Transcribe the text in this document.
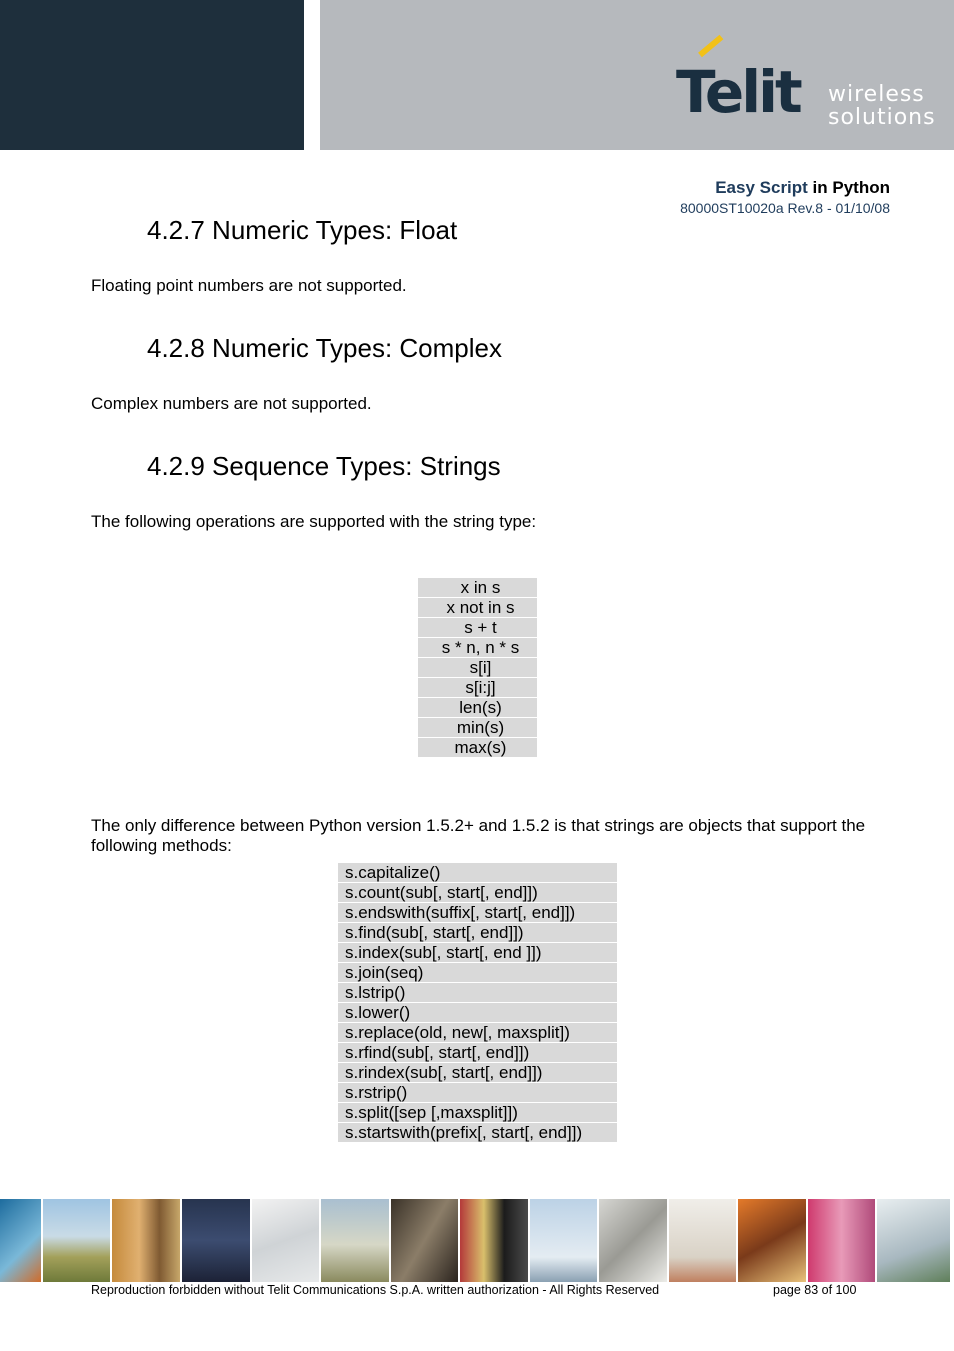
Telit wireless
solutions
Easy Script in Python
80000ST10020a Rev.8 - 01/10/08
4.2.7 Numeric Types: Float

Floating point numbers are not supported.

4.2.8 Numeric Types: Complex

Complex numbers are not supported.

4.2.9 Sequence Types: Strings

The following operations are supported with the string type:

x in s
x not in s
s + t
s * n, n * s
s[i]
s[i:j]
len(s)
min(s)
max(s)

The only difference between Python version 1.5.2+ and 1.5.2 is that strings are objects that support the following methods:

s.capitalize()
s.count(sub[, start[, end]])
s.endswith(suffix[, start[, end]])
s.find(sub[, start[, end]])
s.index(sub[, start[, end ]])
s.join(seq)
s.lstrip()
s.lower()
s.replace(old, new[, maxsplit])
s.rfind(sub[, start[, end]])
s.rindex(sub[, start[, end]])
s.rstrip()
s.split([sep [,maxsplit]])
s.startswith(prefix[, start[, end]])
Reproduction forbidden without Telit Communications S.p.A. written authorization - All Rights Reserved	page 83 of 100
